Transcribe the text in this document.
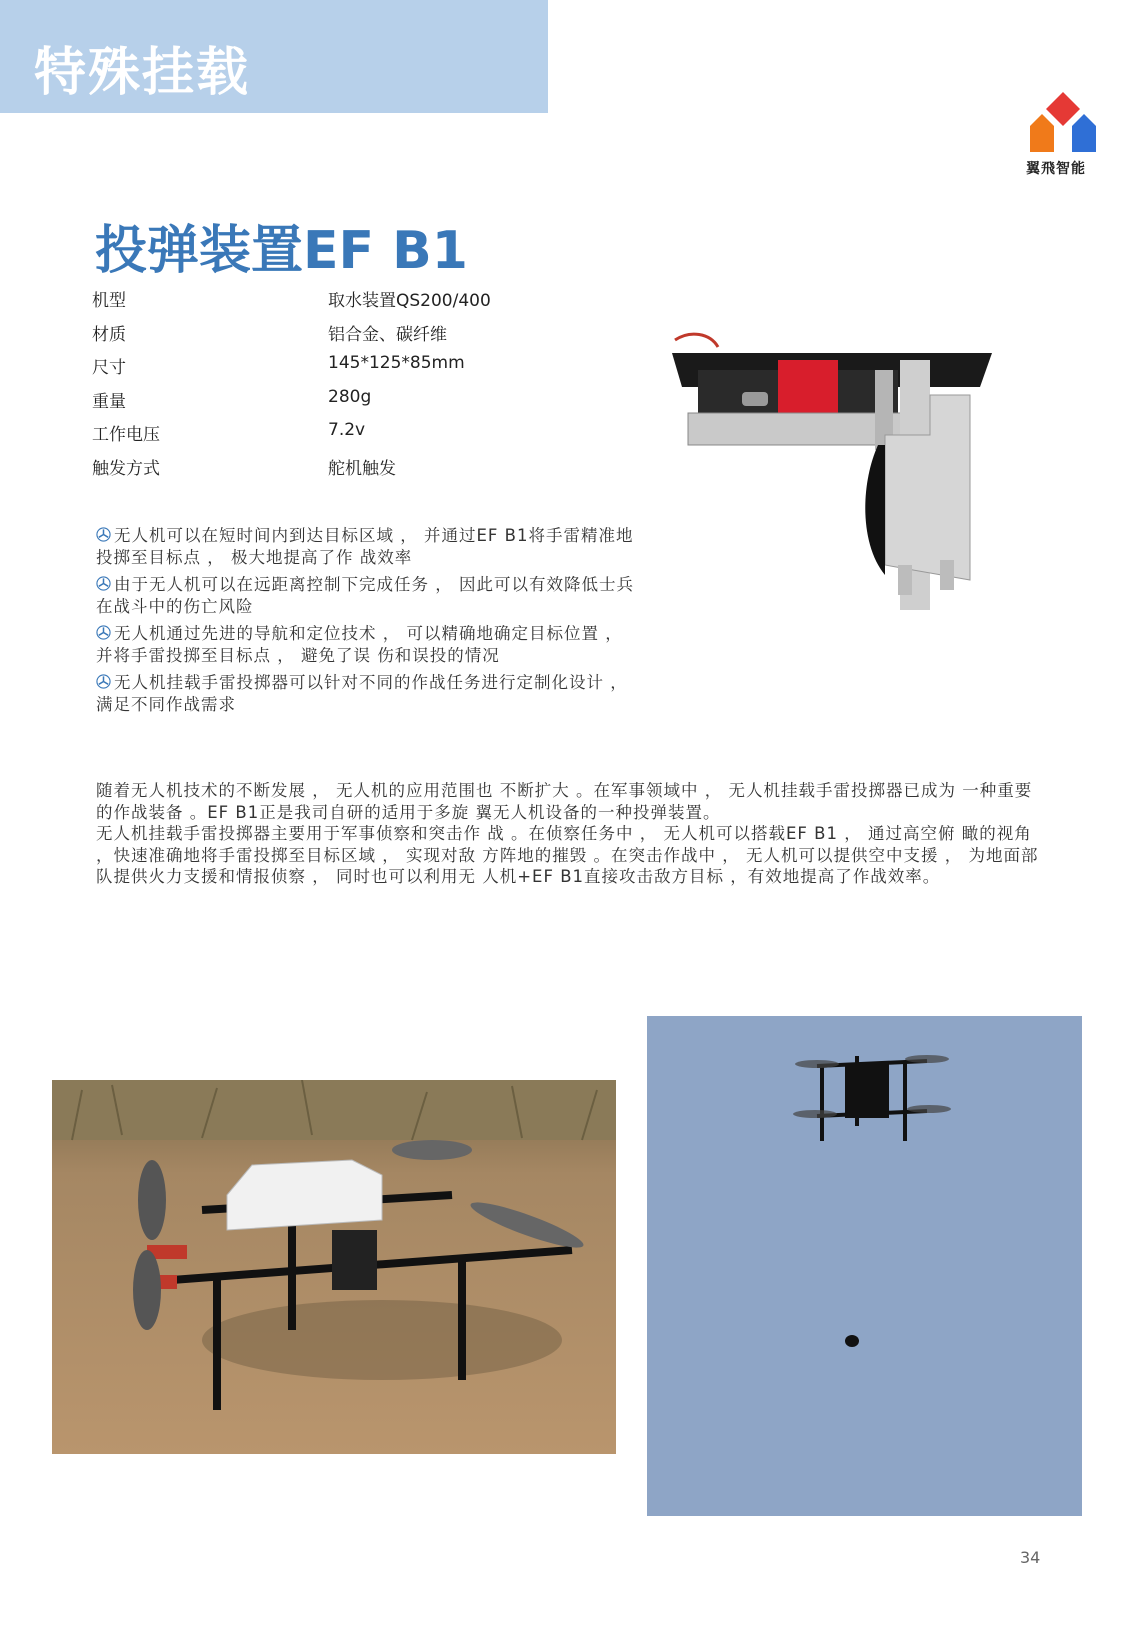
特殊挂载
翼飛智能
投弹装置EF B1
机型	取水装置QS200/400
材质	铝合金、碳纤维
尺寸	145*125*85mm
重量	280g
工作电压	7.2v
触发方式	舵机触发
无人机可以在短时间内到达目标区域 ， 并通过EF B1将手雷精准地投掷至目标点 ， 极大地提高了作 战效率
由于无人机可以在远距离控制下完成任务 ， 因此可以有效降低士兵在战斗中的伤亡风险
无人机通过先进的导航和定位技术 ， 可以精确地确定目标位置 ， 并将手雷投掷至目标点 ， 避免了误 伤和误投的情况
无人机挂载手雷投掷器可以针对不同的作战任务进行定制化设计 ， 满足不同作战需求

随着无人机技术的不断发展 ， 无人机的应用范围也 不断扩大 。在军事领域中 ， 无人机挂载手雷投掷器已成为 一种重要的作战装备 。EF B1正是我司自研的适用于多旋 翼无人机设备的一种投弹装置。

无人机挂载手雷投掷器主要用于军事侦察和突击作 战 。在侦察任务中 ， 无人机可以搭载EF B1 ， 通过高空俯 瞰的视角 ，快速准确地将手雷投掷至目标区域 ， 实现对敌 方阵地的摧毁 。在突击作战中 ， 无人机可以提供空中支援 ， 为地面部队提供火力支援和情报侦察 ， 同时也可以利用无 人机+EF B1直接攻击敌方目标 ，有效地提高了作战效率。

34
